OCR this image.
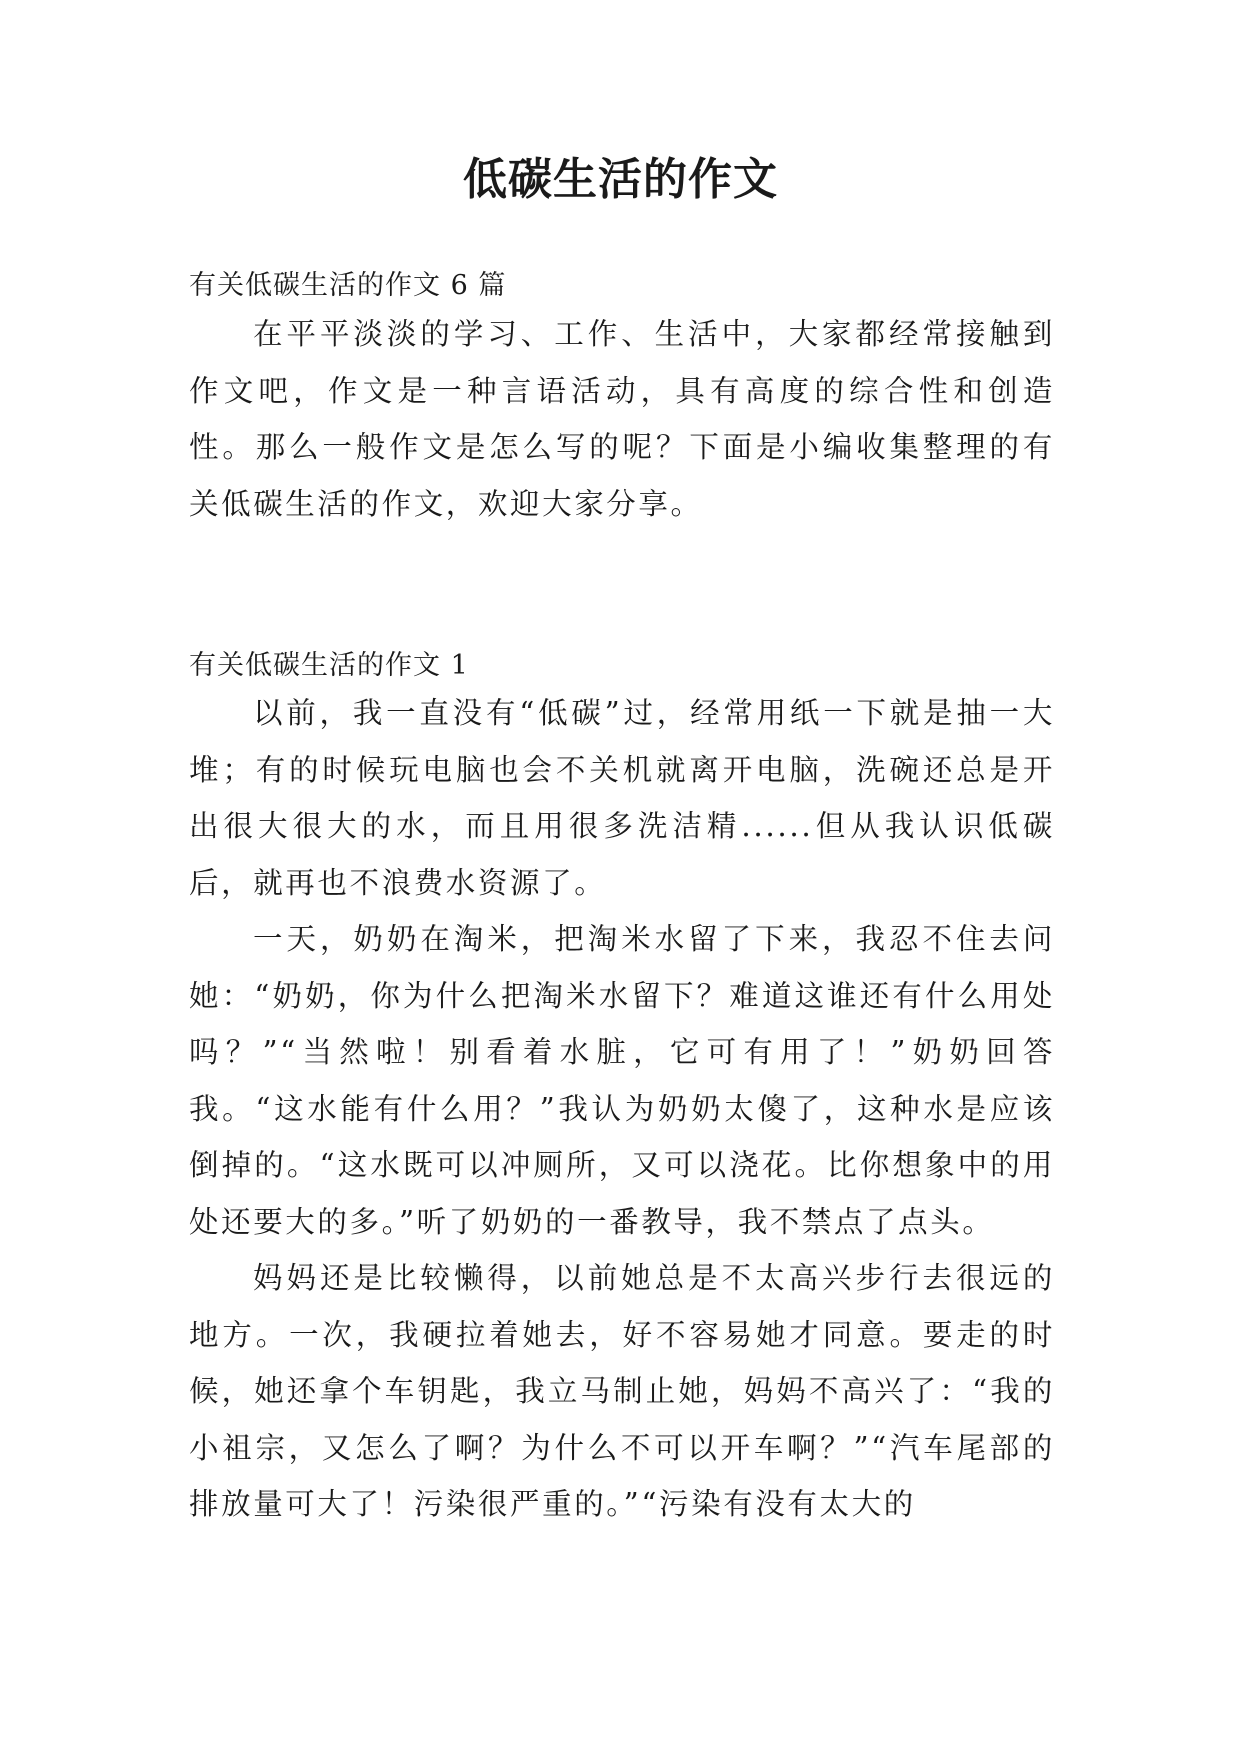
低碳生活的作文

有关低碳生活的作文 6 篇

在平平淡淡的学习、工作、生活中，大家都经常接触到作文吧，作文是一种言语活动，具有高度的综合性和创造性。那么一般作文是怎么写的呢？下面是小编收集整理的有关低碳生活的作文，欢迎大家分享。

有关低碳生活的作文 1

以前，我一直没有“低碳”过，经常用纸一下就是抽一大堆；有的时候玩电脑也会不关机就离开电脑，洗碗还总是开出很大很大的水，而且用很多洗洁精......但从我认识低碳后，就再也不浪费水资源了。

一天，奶奶在淘米，把淘米水留了下来，我忍不住去问她：“奶奶，你为什么把淘米水留下？难道这谁还有什么用处吗？”“当然啦！别看着水脏，它可有用了！”奶奶回答我。“这水能有什么用？”我认为奶奶太傻了，这种水是应该倒掉的。“这水既可以冲厕所，又可以浇花。比你想象中的用处还要大的多。”听了奶奶的一番教导，我不禁点了点头。

妈妈还是比较懒得，以前她总是不太高兴步行去很远的地方。一次，我硬拉着她去，好不容易她才同意。要走的时候，她还拿个车钥匙，我立马制止她，妈妈不高兴了：“我的小祖宗，又怎么了啊？为什么不可以开车啊？”“汽车尾部的排放量可大了！污染很严重的。”“污染有没有太大的
